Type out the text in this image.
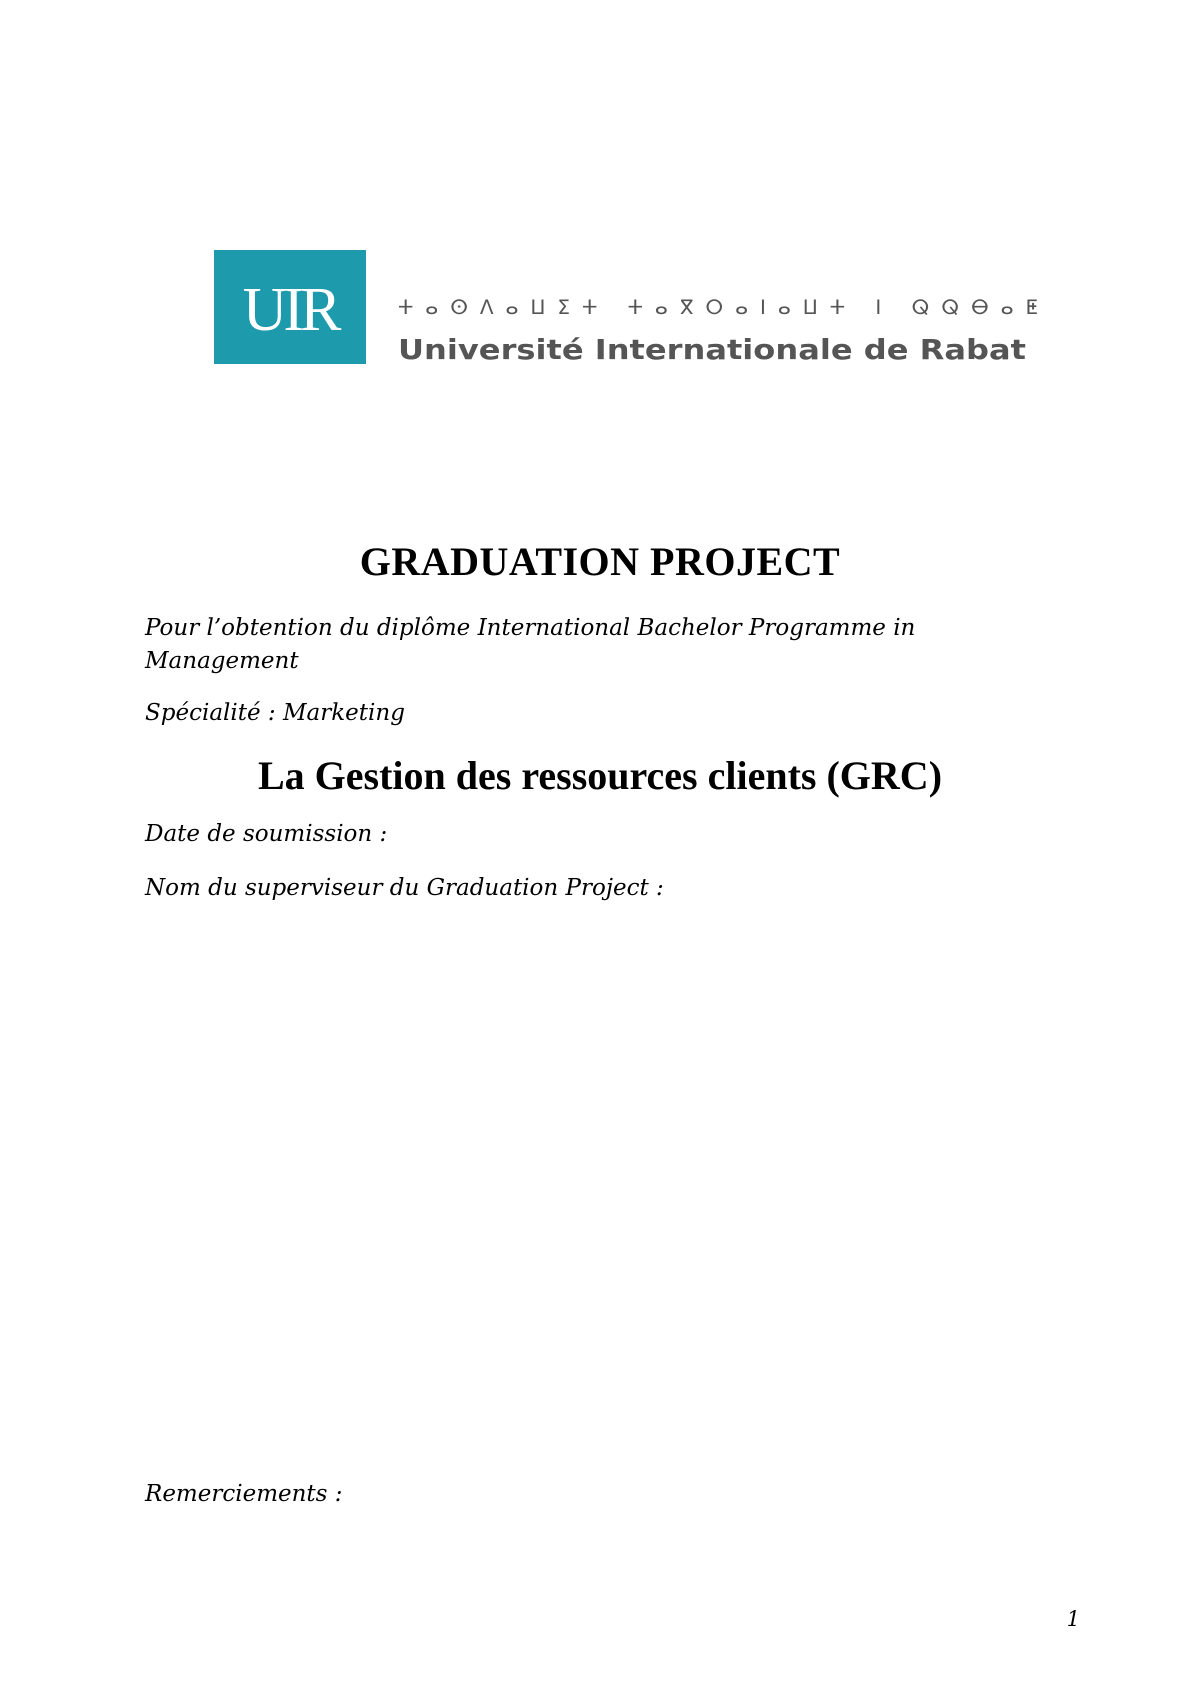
UIR	ⵜⴰⵙⴷⴰⵡⵉⵜ ⵜⴰⴳⵔⴰⵏⴰⵡⵜ ⵏ ⵕⵕⴱⴰⵟ
Université Internationale de Rabat
GRADUATION PROJECT

Pour l’obtention du diplôme International Bachelor Programme in Management

Spécialité : Marketing

La Gestion des ressources clients (GRC)

Date de soumission :

Nom du superviseur du Graduation Project :

Remerciements :

1
